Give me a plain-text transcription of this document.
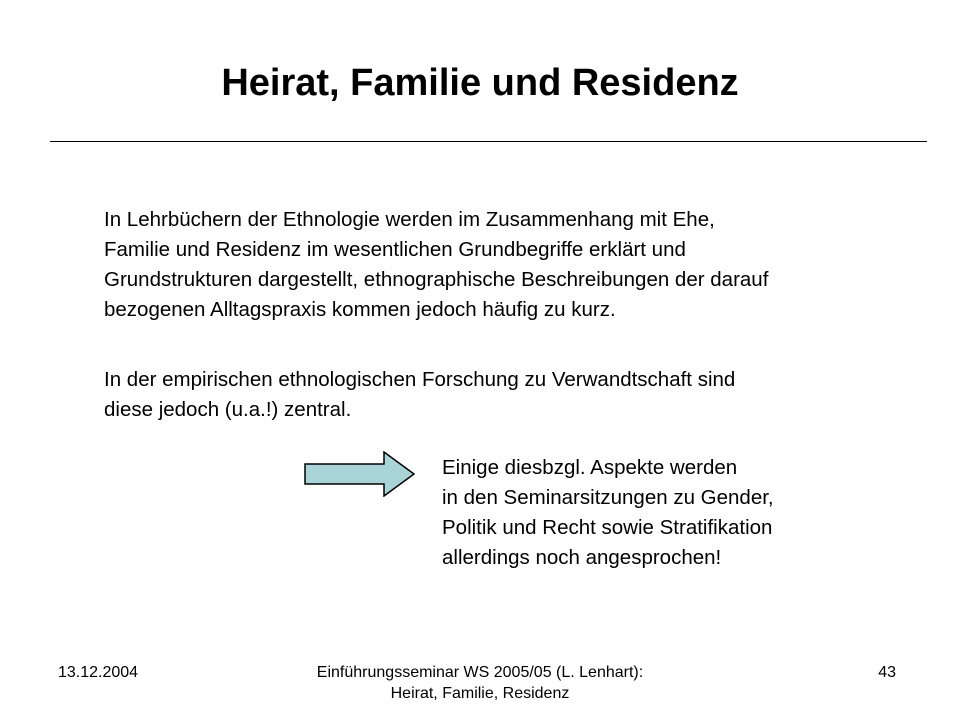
Heirat, Familie und Residenz
In Lehrbüchern der Ethnologie werden im Zusammenhang mit Ehe,
Familie und Residenz im wesentlichen Grundbegriffe erklärt und
Grundstrukturen dargestellt, ethnographische Beschreibungen der darauf
bezogenen Alltagspraxis kommen jedoch häufig zu kurz.
In der empirischen ethnologischen Forschung zu Verwandtschaft sind
diese jedoch (u.a.!) zentral.
Einige diesbzgl. Aspekte werden
in den Seminarsitzungen zu Gender,
Politik und Recht sowie Stratifikation
allerdings noch angesprochen!
13.12.2004	Einführungsseminar WS 2005/05 (L. Lenhart):
Heirat, Familie, Residenz
43
